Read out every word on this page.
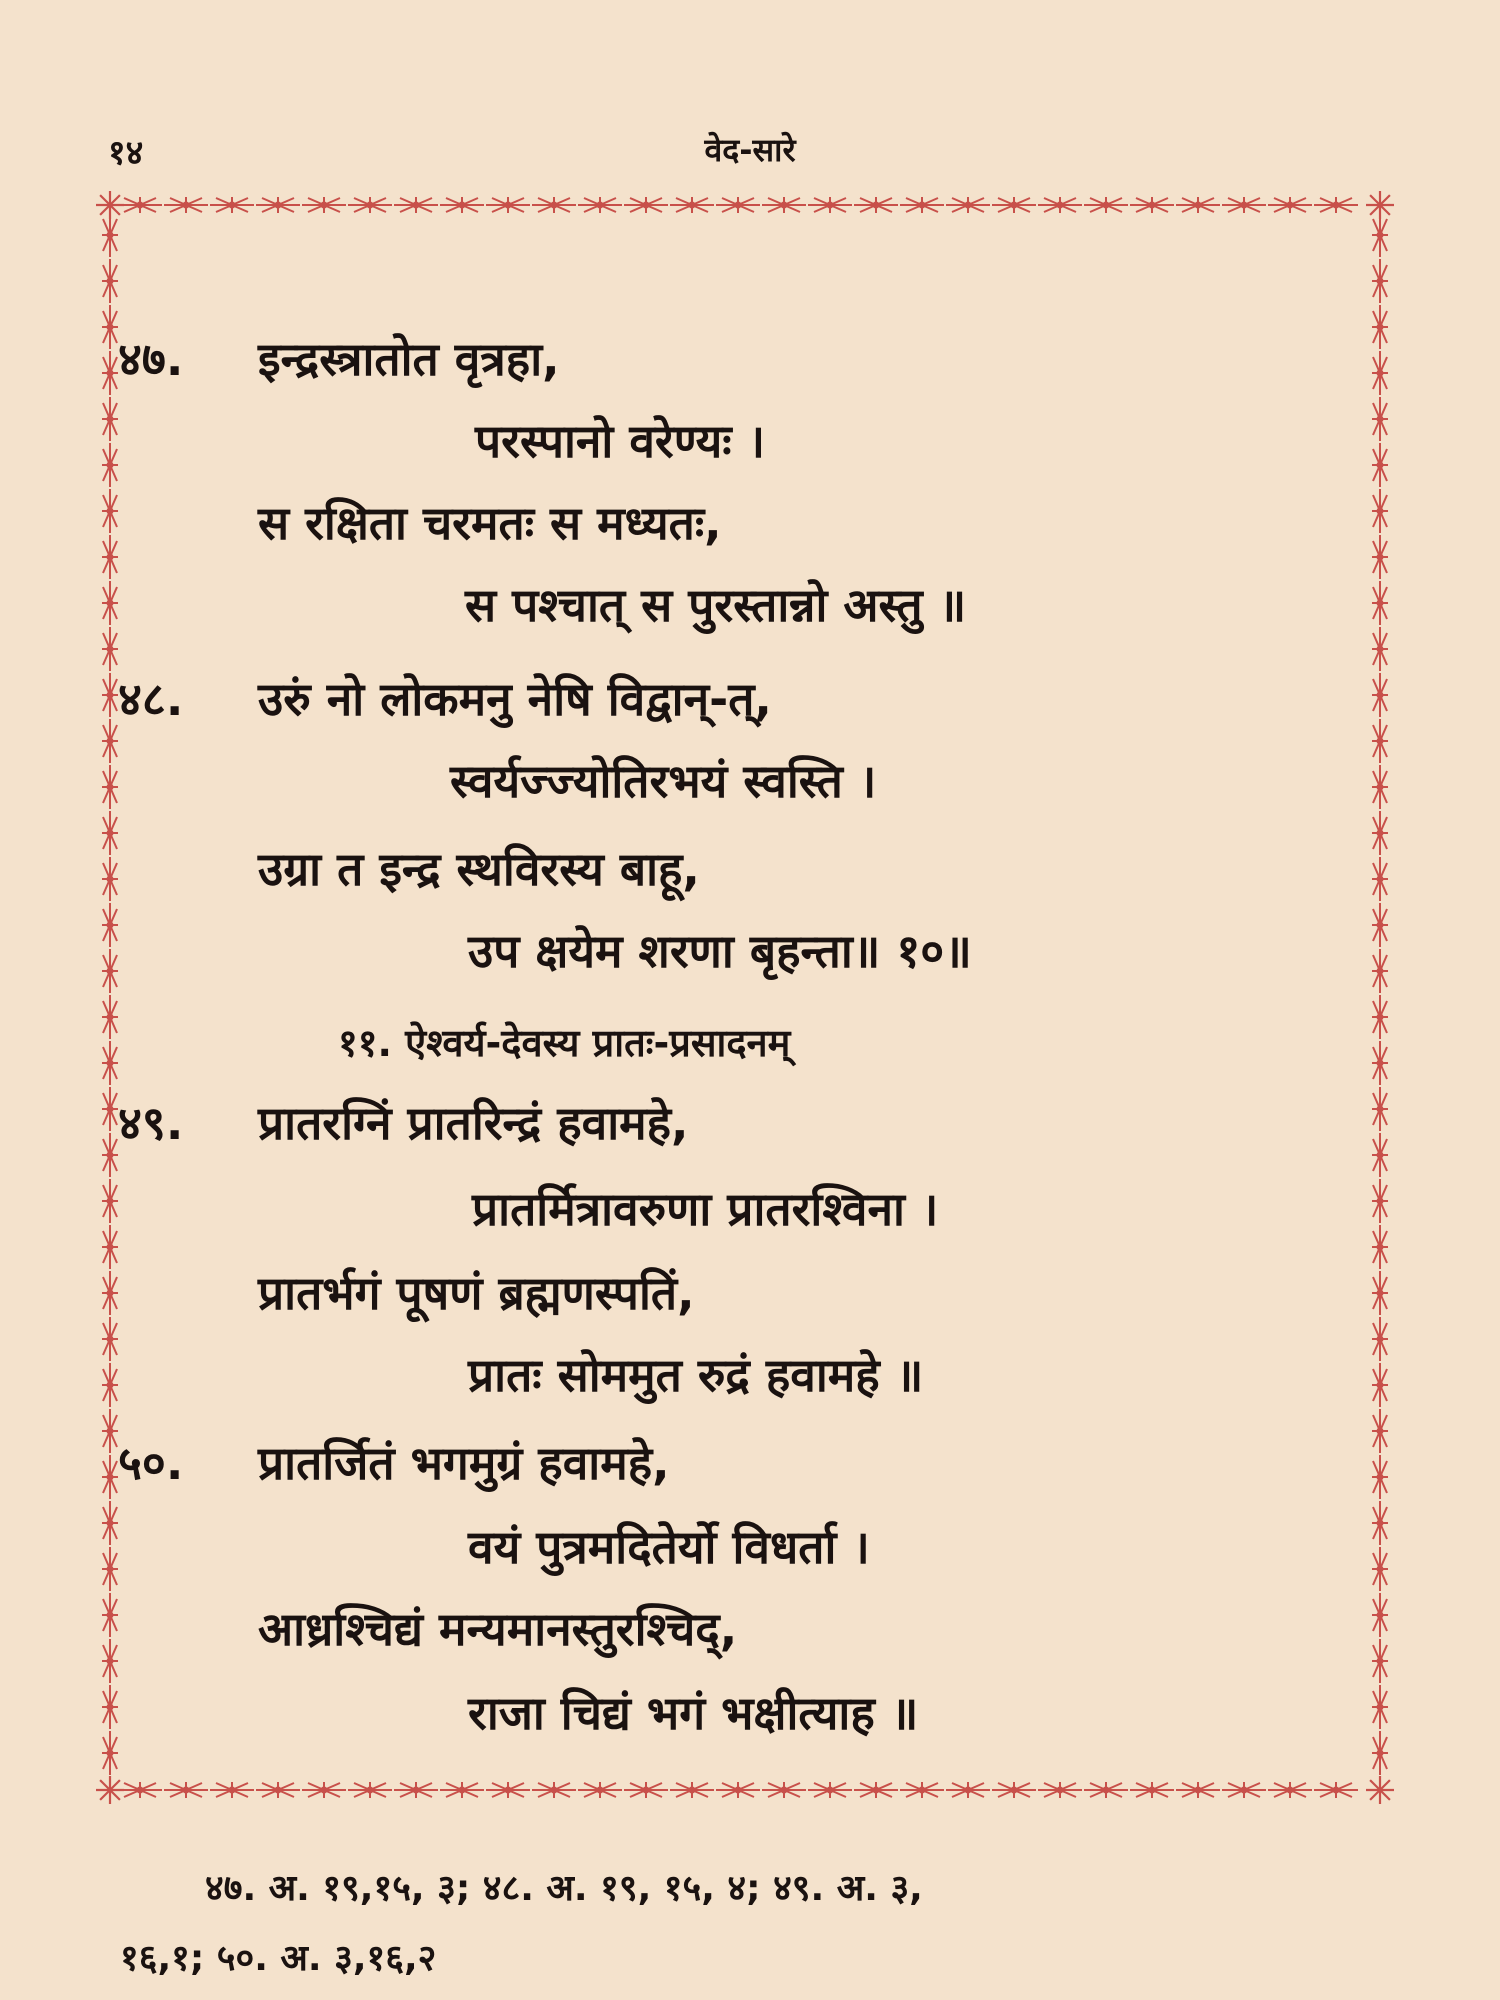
१४	वेद-सारे
४७. इन्द्रस्त्रातोत वृत्रहा,
परस्पानो वरेण्यः ।
स रक्षिता चरमतः स मध्यतः,
स पश्चात् स पुरस्तान्नो अस्तु ॥
४८. उरुं नो लोकमनु नेषि विद्वान्-त्,
स्वर्यज्ज्योतिरभयं स्वस्ति ।
उग्रा त इन्द्र स्थविरस्य बाहू,
उप क्षयेम शरणा बृहन्ता॥ १०॥
११. ऐश्वर्य-देवस्य प्रातः-प्रसादनम्
४९. प्रातरग्निं प्रातरिन्द्रं हवामहे,
प्रातर्मित्रावरुणा प्रातरश्विना ।
प्रातर्भगं पूषणं ब्रह्मणस्पतिं,
प्रातः सोममुत रुद्रं हवामहे ॥
५०. प्रातर्जितं भगमुग्रं हवामहे,
वयं पुत्रमदितेर्यो विधर्ता ।
आध्रश्चिद्यं मन्यमानस्तुरश्चिद्,
राजा चिद्यं भगं भक्षीत्याह ॥
४७. अ. १९,१५, ३; ४८. अ. १९, १५, ४; ४९. अ. ३,
१६,१; ५०. अ. ३,१६,२
